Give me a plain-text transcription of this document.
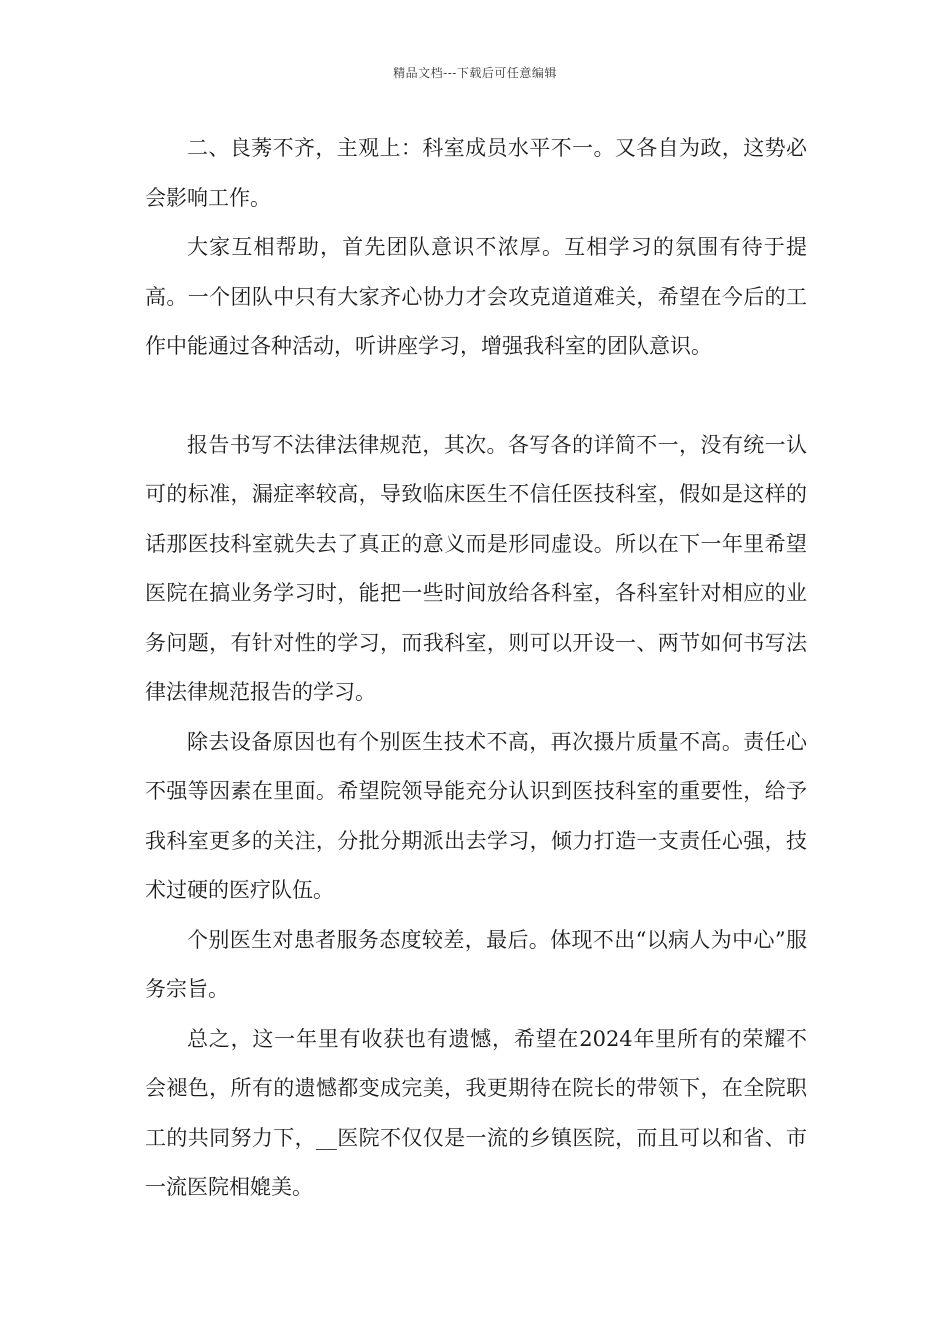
精品文档---下载后可任意编辑

二、良莠不齐，主观上：科室成员水平不一。又各自为政，这势必会影响工作。

大家互相帮助，首先团队意识不浓厚。互相学习的氛围有待于提高。一个团队中只有大家齐心协力才会攻克道道难关，希望在今后的工作中能通过各种活动，听讲座学习，增强我科室的团队意识。

报告书写不法律法律规范，其次。各写各的详简不一，没有统一认可的标准，漏症率较高，导致临床医生不信任医技科室，假如是这样的话那医技科室就失去了真正的意义而是形同虚设。所以在下一年里希望医院在搞业务学习时，能把一些时间放给各科室，各科室针对相应的业务问题，有针对性的学习，而我科室，则可以开设一、两节如何书写法律法律规范报告的学习。

除去设备原因也有个别医生技术不高，再次摄片质量不高。责任心不强等因素在里面。希望院领导能充分认识到医技科室的重要性，给予我科室更多的关注，分批分期派出去学习，倾力打造一支责任心强，技术过硬的医疗队伍。

个别医生对患者服务态度较差，最后。体现不出“以病人为中心”服务宗旨。

总之，这一年里有收获也有遗憾，希望在2024年里所有的荣耀不会褪色，所有的遗憾都变成完美，我更期待在院长的带领下，在全院职工的共同努力下，__医院不仅仅是一流的乡镇医院，而且可以和省、市一流医院相媲美。
